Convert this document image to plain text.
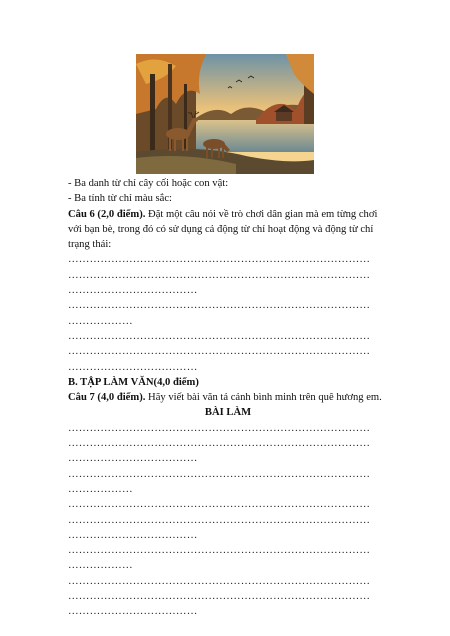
- Ba danh từ chỉ cây cối hoặc con vật:
- Ba tính từ chỉ màu sắc:
Câu 6 (2,0 điểm). Đặt một câu nói về trò chơi dân gian mà em từng chơi với bạn bè, trong đó có sử dụng cả động từ chỉ hoạt động và động từ chỉ trạng thái:
…………………………………………………………………………
…………………………………………………………………………
………………………………
…………………………………………………………………………
………………
…………………………………………………………………………
…………………………………………………………………………
………………………………
B. TẬP LÀM VĂN(4,0 điểm)
Câu 7 (4,0 điểm). Hãy viết bài văn tả cảnh bình minh trên quê hương em.
BÀI LÀM
…………………………………………………………………………
…………………………………………………………………………
………………………………
…………………………………………………………………………
………………
…………………………………………………………………………
…………………………………………………………………………
………………………………
…………………………………………………………………………
………………
…………………………………………………………………………
…………………………………………………………………………
………………………………
